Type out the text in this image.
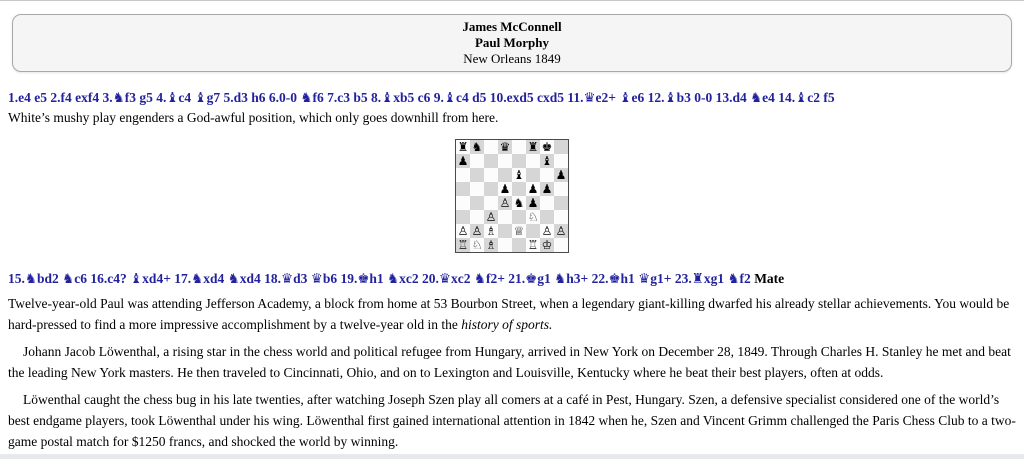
James McConnell
Paul Morphy
New Orleans 1849
1.e4 e5 2.f4 exf4 3.♞f3 g5 4.♝c4 ♝g7 5.d3 h6 6.0-0 ♞f6 7.c3 b5 8.♝xb5 c6 9.♝c4 d5 10.exd5 cxd5 11.♛e2+ ♝e6 12.♝b3 0-0 13.d4 ♞e4 14.♝c2 f5
White’s mushy play engenders a God-awful position, which only goes downhill from here.
♜ ♞ ♛ ♜ ♚
♟	♝
♝	♟
♟ ♟ ♟
♙ ♞ ♟
♙	♘
♙ ♙ ♗ ♕ ♙ ♙
♖ ♘ ♗	♖ ♔
15.♞bd2 ♞c6 16.c4? ♝xd4+ 17.♞xd4 ♞xd4 18.♛d3 ♛b6 19.♚h1 ♞xc2 20.♛xc2 ♞f2+ 21.♚g1 ♞h3+ 22.♚h1 ♛g1+ 23.♜xg1 ♞f2 Mate

Twelve-year-old Paul was attending Jefferson Academy, a block from home at 53 Bourbon Street, when a legendary giant-killing dwarfed his already stellar achievements. You would be hard-pressed to find a more impressive accomplishment by a twelve-year old in the history of sports.

Johann Jacob Löwenthal, a rising star in the chess world and political refugee from Hungary, arrived in New York on December 28, 1849. Through Charles H. Stanley he met and beat the leading New York masters. He then traveled to Cincinnati, Ohio, and on to Lexington and Louisville, Kentucky where he beat their best players, often at odds.

Löwenthal caught the chess bug in his late twenties, after watching Joseph Szen play all comers at a café in Pest, Hungary. Szen, a defensive specialist considered one of the world’s best endgame players, took Löwenthal under his wing. Löwenthal first gained international attention in 1842 when he, Szen and Vincent Grimm challenged the Paris Chess Club to a two-game postal match for $1250 francs, and shocked the world by winning.
